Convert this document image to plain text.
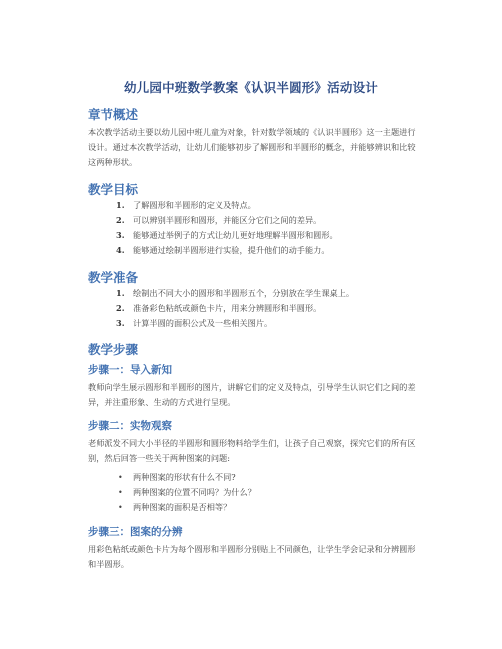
幼儿园中班数学教案《认识半圆形》活动设计
章节概述
本次教学活动主要以幼儿园中班儿童为对象，针对数学领域的《认识半圆形》这一主题进行设计。通过本次教学活动，让幼儿们能够初步了解圆形和半圆形的概念，并能够辨识和比较这两种形状。
教学目标
1. 了解圆形和半圆形的定义及特点。
2. 可以辨别半圆形和圆形，并能区分它们之间的差异。
3. 能够通过举例子的方式让幼儿更好地理解半圆形和圆形。
4. 能够通过绘制半圆形进行实验，提升他们的动手能力。
教学准备
1. 绘制出不同大小的圆形和半圆形五个，分别放在学生课桌上。
2. 准备彩色粘纸或颜色卡片，用来分辨圆形和半圆形。
3. 计算半圆的面积公式及一些相关图片。
教学步骤
步骤一：导入新知
教师向学生展示圆形和半圆形的图片，讲解它们的定义及特点，引导学生认识它们之间的差异，并注重形象、生动的方式进行呈现。
步骤二：实物观察
老师派发不同大小半径的半圆形和圆形物料给学生们，让孩子自己观察，探究它们的所有区别，然后回答一些关于两种图案的问题:
• 两种图案的形状有什么不同?
• 两种图案的位置不同吗？为什么？
• 两种图案的面积是否相等？
步骤三：图案的分辨
用彩色粘纸或颜色卡片为每个圆形和半圆形分别贴上不同颜色，让学生学会记录和分辨圆形和半圆形。
